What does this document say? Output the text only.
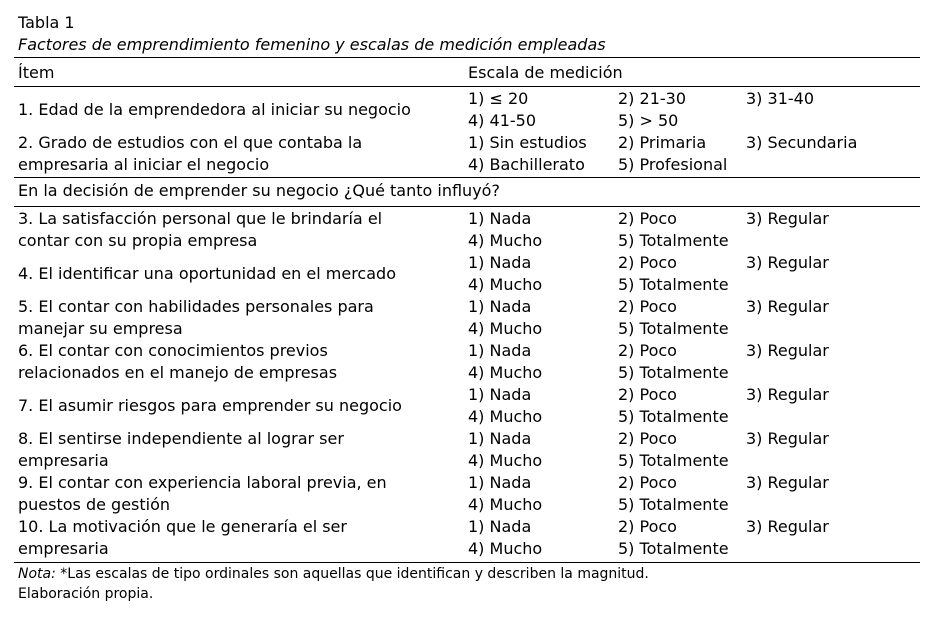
Tabla 1
Factores de emprendimiento femenino y escalas de medición empleadas
Ítem	Escala de medición
1. Edad de la emprendedora al iniciar su negocio
1) ≤ 20	2) 21-30	3) 31-40
4) 41-50	5) > 50
2. Grado de estudios con el que contaba la
empresaria al iniciar el negocio
1) Sin estudios 2) Primaria 3) Secundaria
4) Bachillerato 5) Profesional
En la decisión de emprender su negocio ¿Qué tanto influyó?
3. La satisfacción personal que le brindaría el
contar con su propia empresa
1) Nada	2) Poco	3) Regular
4) Mucho	5) Totalmente
4. El identificar una oportunidad en el mercado
1) Nada	2) Poco	3) Regular
4) Mucho	5) Totalmente
5. El contar con habilidades personales para
manejar su empresa
1) Nada	2) Poco	3) Regular
4) Mucho	5) Totalmente
6. El contar con conocimientos previos
relacionados en el manejo de empresas
1) Nada	2) Poco	3) Regular
4) Mucho	5) Totalmente
7. El asumir riesgos para emprender su negocio
1) Nada	2) Poco	3) Regular
4) Mucho	5) Totalmente
8. El sentirse independiente al lograr ser
empresaria
1) Nada	2) Poco	3) Regular
4) Mucho	5) Totalmente
9. El contar con experiencia laboral previa, en
puestos de gestión
1) Nada	2) Poco	3) Regular
4) Mucho	5) Totalmente
10. La motivación que le generaría el ser
empresaria
1) Nada	2) Poco	3) Regular
4) Mucho	5) Totalmente
Nota: *Las escalas de tipo ordinales son aquellas que identifican y describen la magnitud.
Elaboración propia.
